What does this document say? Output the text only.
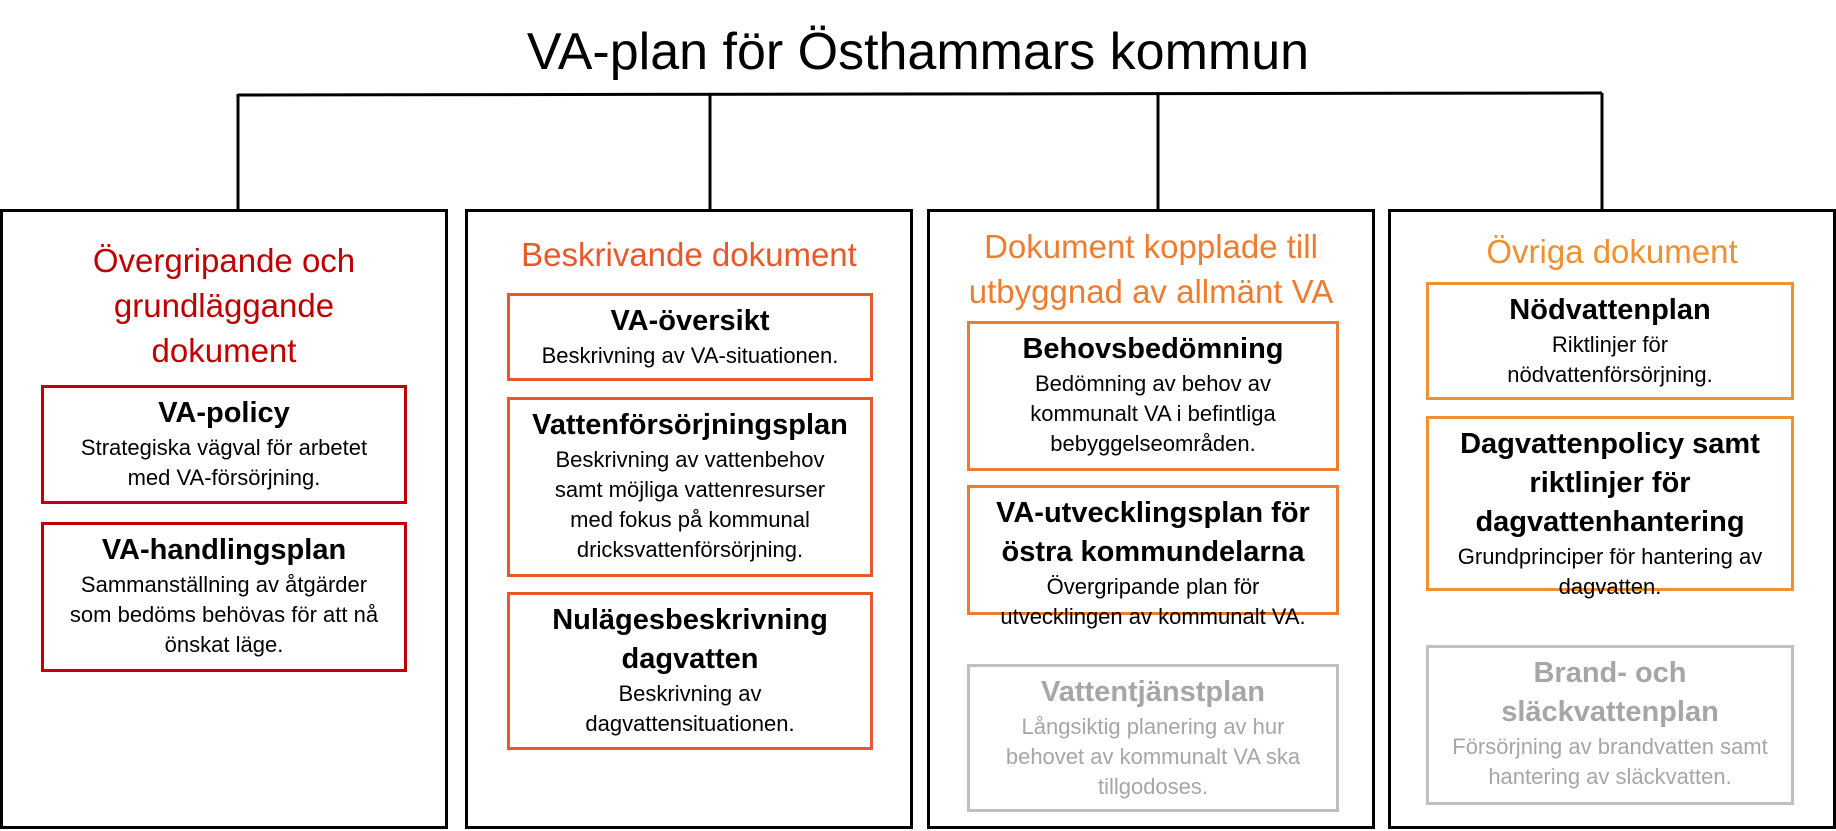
VA-plan för Östhammars kommun
Övergripande och
grundläggande
dokument
VA-policy
Strategiska vägval för arbetet
med VA-försörjning.
VA-handlingsplan
Sammanställning av åtgärder
som bedöms behövas för att nå
önskat läge.
Beskrivande dokument
VA-översikt
Beskrivning av VA-situationen.
Vattenförsörjningsplan
Beskrivning av vattenbehov
samt möjliga vattenresurser
med fokus på kommunal
dricksvattenförsörjning.
Nulägesbeskrivning
dagvatten
Beskrivning av
dagvattensituationen.
Dokument kopplade till
utbyggnad av allmänt VA
Behovsbedömning
Bedömning av behov av
kommunalt VA i befintliga
bebyggelseområden.
VA-utvecklingsplan för
östra kommundelarna
Övergripande plan för
utvecklingen av kommunalt VA.
Vattentjänstplan
Långsiktig planering av hur
behovet av kommunalt VA ska
tillgodoses.
Övriga dokument
Nödvattenplan
Riktlinjer för
nödvattenförsörjning.
Dagvattenpolicy samt
riktlinjer för
dagvattenhantering
Grundprinciper för hantering av
dagvatten.
Brand- och
släckvattenplan
Försörjning av brandvatten samt
hantering av släckvatten.
